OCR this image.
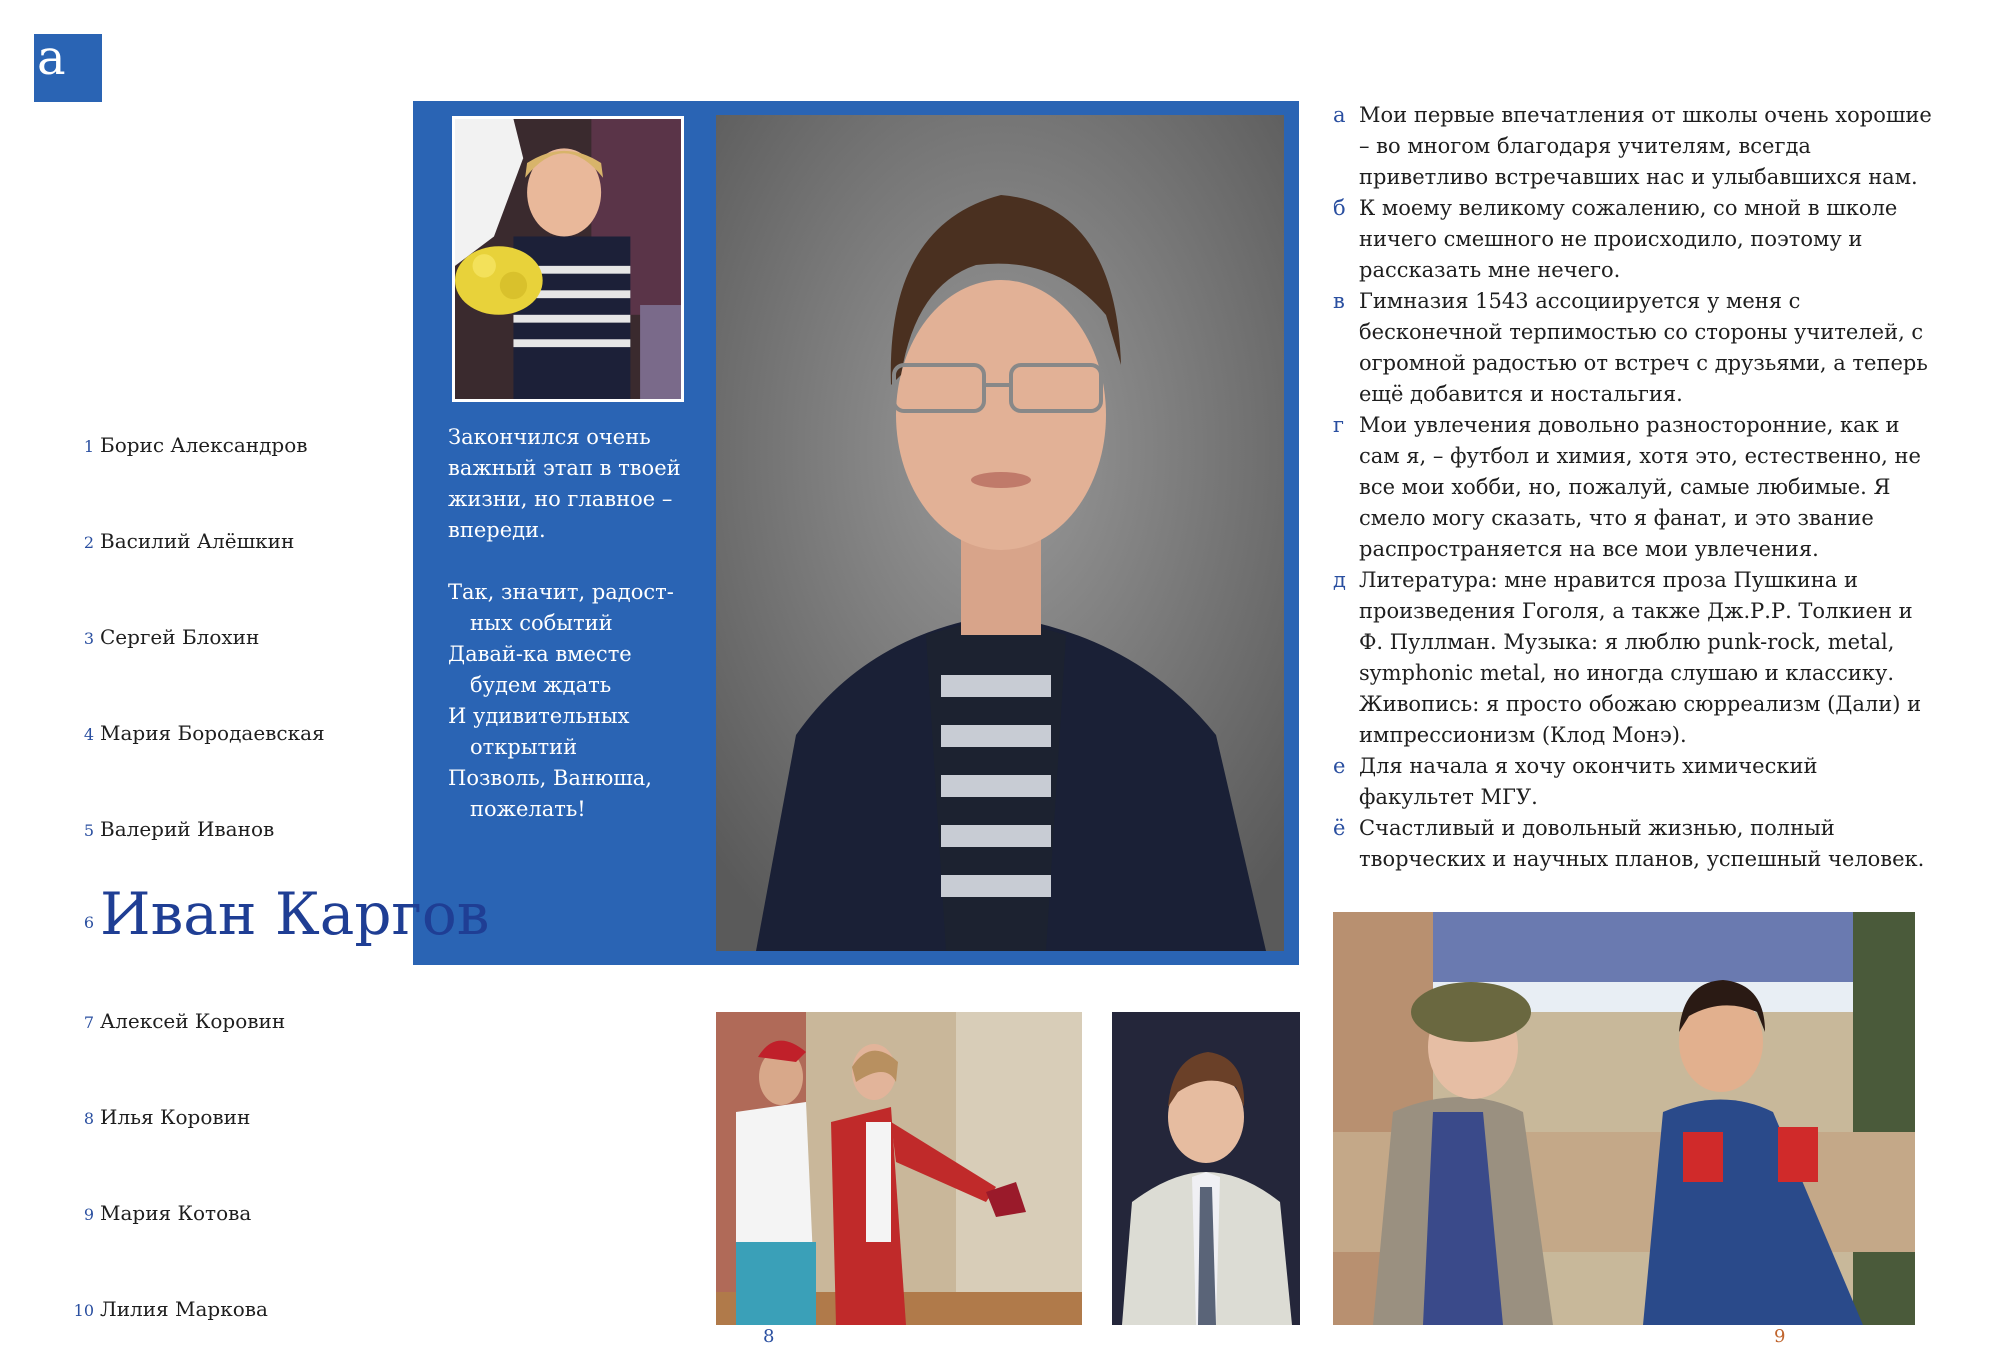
а
1 Борис Александров
2 Василий Алёшкин
3 Сергей Блохин
4 Мария Бородаевская
5 Валерий Иванов
6 Иван Каргов
7 Алексей Коровин
8 Илья Коровин
9 Мария Котова
10 Лилия Маркова

Закончился очень

важный этап в твоей

жизни, но главное –

впереди.

Так, значит, радост-

ных событий

Давай-ка вместе

будем ждать

И удивительных

открытий

Позволь, Ванюша,

пожелать!

а Мои первые впечатления от школы очень хорошие – во многом благодаря учителям, всегда приветливо встречавших нас и улыбавшихся нам.
б К моему великому сожалению, со мной в школе ничего смешного не происходило, поэтому и рассказать мне нечего.
в Гимназия 1543 ассоциируется у меня с бесконечной терпимостью со стороны учителей, с огромной радостью от встреч с друзьями, а теперь ещё добавится и ностальгия.
г Мои увлечения довольно разносторонние, как и сам я, – футбол и химия, хотя это, естественно, не все мои хобби, но, пожалуй, самые любимые. Я смело могу сказать, что я фанат, и это звание распространяется на все мои увлечения.
д Литература: мне нравится проза Пушкина и произведения Гоголя, а также Дж.Р.Р. Толкиен и Ф. Пуллман. Музыка: я люблю punk-rock, metal, symphonic metal, но иногда слушаю и классику. Живопись: я просто обожаю сюрреализм (Дали) и импрессионизм (Клод Монэ).
е Для начала я хочу окончить химический факультет МГУ.
ё Счастливый и довольный жизнью, полный творческих и научных планов, успешный человек.
8	9
